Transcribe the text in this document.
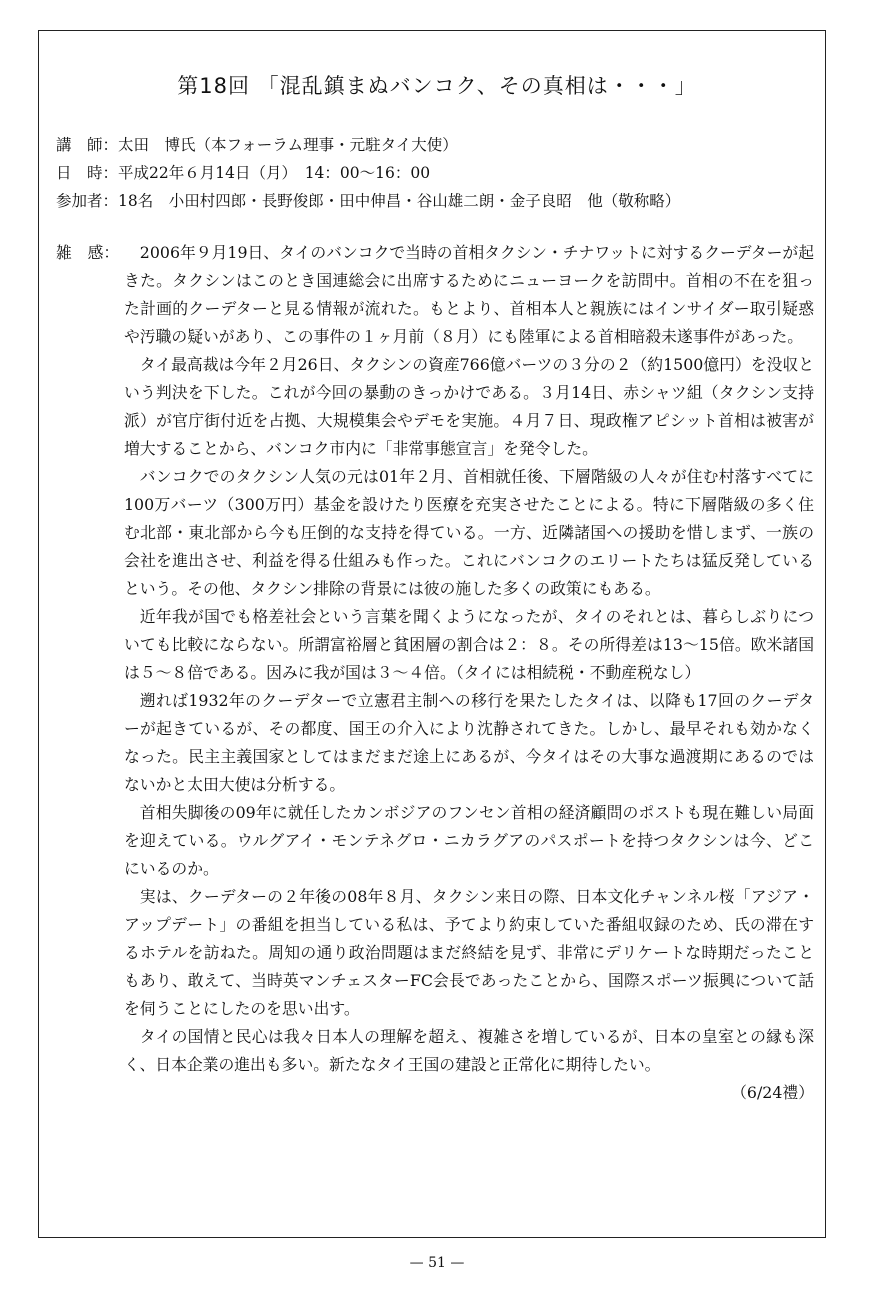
第18回 「混乱鎮まぬバンコク、その真相は・・・」
講　師：太田　博氏（本フォーラム理事・元駐タイ大使）
日　時：平成22年６月14日（月）　14：00～16：00
参加者：18名　小田村四郎・長野俊郎・田中伸昌・谷山雄二朗・金子良昭　他（敬称略）
雑　感：	2006年９月19日、タイのバンコクで当時の首相タクシン・チナワットに対するクーデターが起きた。タクシンはこのとき国連総会に出席するためにニューヨークを訪問中。首相の不在を狙った計画的クーデターと見る情報が流れた。もとより、首相本人と親族にはインサイダー取引疑惑や汚職の疑いがあり、この事件の１ヶ月前（８月）にも陸軍による首相暗殺未遂事件があった。

タイ最高裁は今年２月26日、タクシンの資産766億バーツの３分の２（約1500億円）を没収という判決を下した。これが今回の暴動のきっかけである。３月14日、赤シャツ組（タクシン支持派）が官庁街付近を占拠、大規模集会やデモを実施。４月７日、現政権アピシット首相は被害が増大することから、バンコク市内に「非常事態宣言」を発令した。

バンコクでのタクシン人気の元は01年２月、首相就任後、下層階級の人々が住む村落すべてに100万バーツ（300万円）基金を設けたり医療を充実させたことによる。特に下層階級の多く住む北部・東北部から今も圧倒的な支持を得ている。一方、近隣諸国への援助を惜しまず、一族の会社を進出させ、利益を得る仕組みも作った。これにバンコクのエリートたちは猛反発しているという。その他、タクシン排除の背景には彼の施した多くの政策にもある。

近年我が国でも格差社会という言葉を聞くようになったが、タイのそれとは、暮らしぶりについても比較にならない。所謂富裕層と貧困層の割合は２：８。その所得差は13～15倍。欧米諸国は５～８倍である。因みに我が国は３～４倍。（タイには相続税・不動産税なし）

遡れば1932年のクーデターで立憲君主制への移行を果たしたタイは、以降も17回のクーデターが起きているが、その都度、国王の介入により沈静されてきた。しかし、最早それも効かなくなった。民主主義国家としてはまだまだ途上にあるが、今タイはその大事な過渡期にあるのではないかと太田大使は分析する。

首相失脚後の09年に就任したカンボジアのフンセン首相の経済顧問のポストも現在難しい局面を迎えている。ウルグアイ・モンテネグロ・ニカラグアのパスポートを持つタクシンは今、どこにいるのか。

実は、クーデターの２年後の08年８月、タクシン来日の際、日本文化チャンネル桜「アジア・アップデート」の番組を担当している私は、予てより約束していた番組収録のため、氏の滞在するホテルを訪ねた。周知の通り政治問題はまだ終結を見ず、非常にデリケートな時期だったこともあり、敢えて、当時英マンチェスターFC会長であったことから、国際スポーツ振興について話を伺うことにしたのを思い出す。

タイの国情と民心は我々日本人の理解を超え、複雑さを増しているが、日本の皇室との縁も深く、日本企業の進出も多い。新たなタイ王国の建設と正常化に期待したい。

（6/24禮）
— 51 —
